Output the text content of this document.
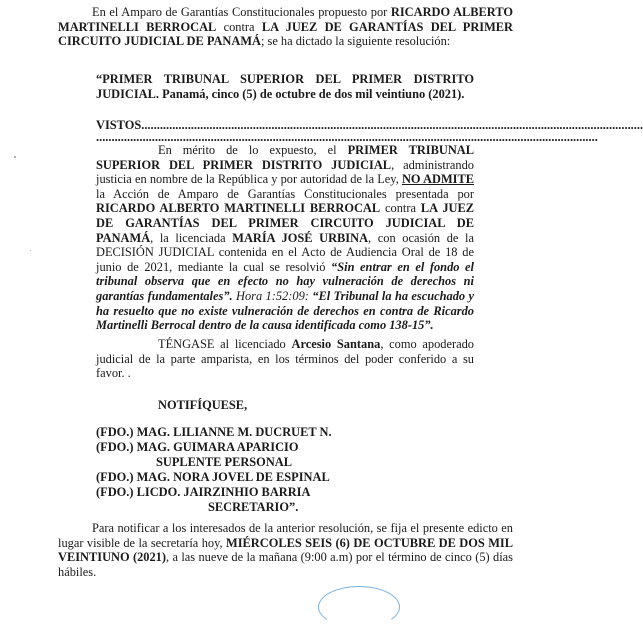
En el Amparo de Garantías Constitucionales propuesto por RICARDO ALBERTO MARTINELLI BERROCAL contra LA JUEZ DE GARANTÍAS DEL PRIMER CIRCUITO JUDICIAL DE PANAMÁ; se ha dictado la siguiente resolución:

“PRIMER TRIBUNAL SUPERIOR DEL PRIMER DISTRITO JUDICIAL. Panamá, cinco (5) de octubre de dos mil veintiuno (2021).

VISTOS..................................................................................................................................................................
..................................................................................................................................................................

En mérito de lo expuesto, el PRIMER TRIBUNAL SUPERIOR DEL PRIMER DISTRITO JUDICIAL, administrando justicia en nombre de la República y por autoridad de la Ley, NO ADMITE la Acción de Amparo de Garantías Constitucionales presentada por RICARDO ALBERTO MARTINELLI BERROCAL contra LA JUEZ DE GARANTÍAS DEL PRIMER CIRCUITO JUDICIAL DE PANAMÁ, la licenciada MARÍA JOSÉ URBINA, con ocasión de la DECISIÓN JUDICIAL contenida en el Acto de Audiencia Oral de 18 de junio de 2021, mediante la cual se resolvió “Sin entrar en el fondo el tribunal observa que en efecto no hay vulneración de derechos ni garantías fundamentales”. Hora 1:52:09: “El Tribunal la ha escuchado y ha resuelto que no existe vulneración de derechos en contra de Ricardo Martinelli Berrocal dentro de la causa identificada como 138-15”.

TÉNGASE al licenciado Arcesio Santana, como apoderado judicial de la parte amparista, en los términos del poder conferido a su favor. .

NOTIFÍQUESE,

(FDO.) MAG. LILIANNE M. DUCRUET N.
(FDO.) MAG. GUIMARA APARICIO
SUPLENTE PERSONAL
(FDO.) MAG. NORA JOVEL DE ESPINAL
(FDO.) LICDO. JAIRZINHIO BARRIA
SECRETARIO”.

Para notificar a los interesados de la anterior resolución, se fija el presente edicto en lugar visible de la secretaría hoy, MIÉRCOLES SEIS (6) DE OCTUBRE DE DOS MIL VEINTIUNO (2021), a las nueve de la mañana (9:00 a.m) por el término de cinco (5) días hábiles.
